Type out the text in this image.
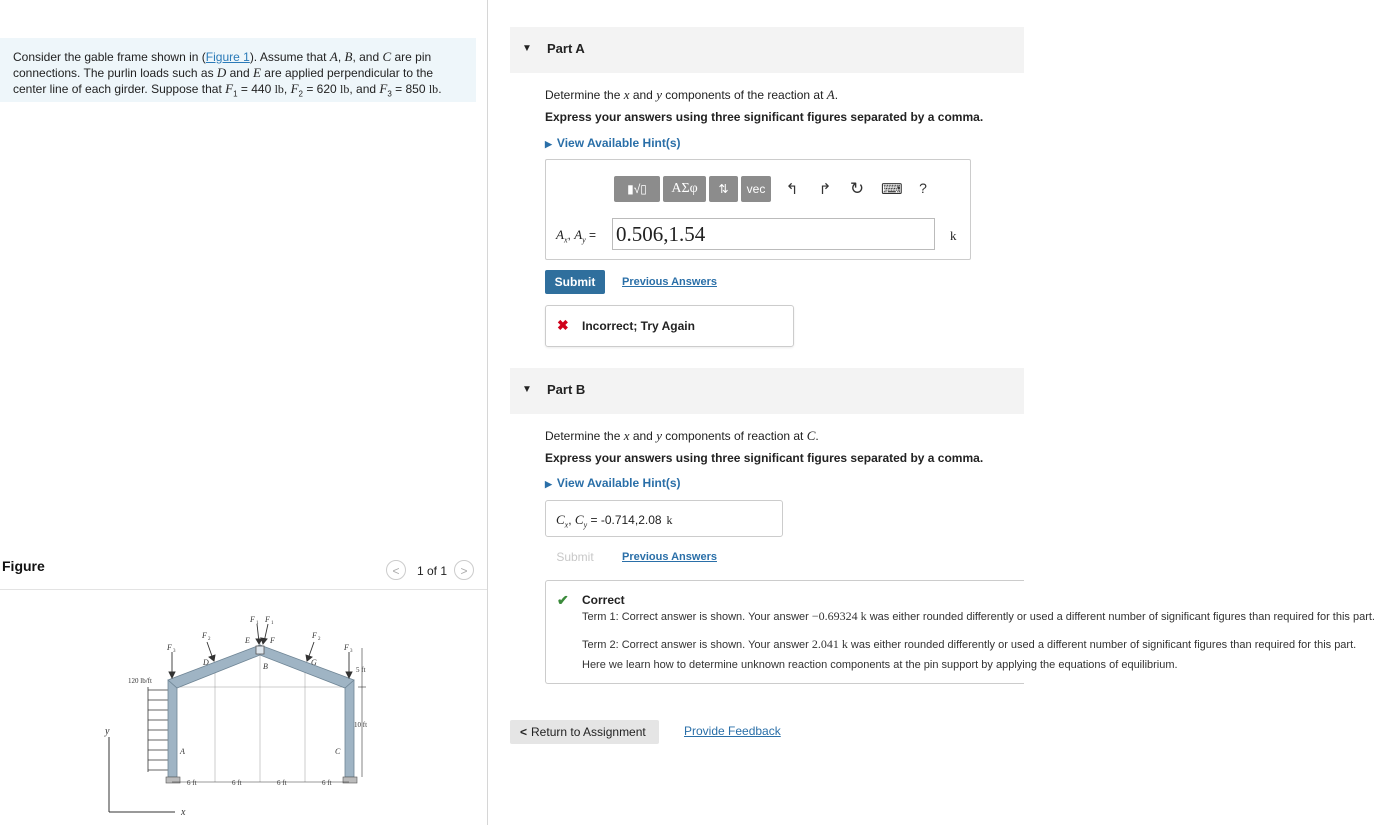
Consider the gable frame shown in (Figure 1). Assume that A, B, and C are pin connections. The purlin loads such as D and E are applied perpendicular to the center line of each girder. Suppose that $F_1 = 440$ lb, $F_2 = 620$ lb, and $F_3 = 850$ lb.
Figure	<	1 of 1	>
y
x
120 lb/ft
A	C
B
D
E	F
G
F 3	F 3
F 2	F 2
F 1 F 1
5 ft
10 ft
6 ft	6 ft	6 ft	6 ft
▼ Part A
Determine the x and y components of the reaction at A.
Express your answers using three significant figures separated by a comma.
▶ View Available Hint(s)
▮√▯	ΑΣφ	⇅	vec	↰ ↱ ↻ ⌨ ?
$A_x$, $A_y = 0.506,1.54$	k
Submit	Previous Answers
✖ Incorrect; Try Again
▼ Part B
Determine the x and y components of reaction at C.
Express your answers using three significant figures separated by a comma.
▶ View Available Hint(s)
$C_x$, $C_y = -0.714,2.08$ k
Submit	Previous Answers
✔ Correct
Term 1: Correct answer is shown. Your answer −0.69324 k was either rounded differently or used a different number of significant figures than required for this part.
Term 2: Correct answer is shown. Your answer 2.041 k was either rounded differently or used a different number of significant figures than required for this part.
Here we learn how to determine unknown reaction components at the pin support by applying the equations of equilibrium.
< Return to Assignment	Provide Feedback
